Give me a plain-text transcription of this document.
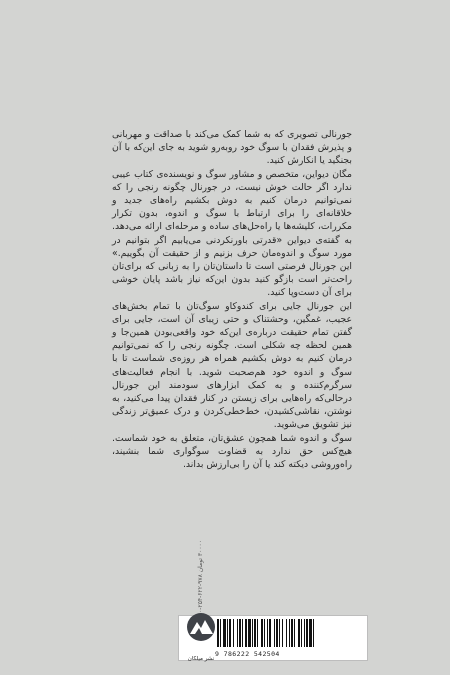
جورنالی تصویری که به شما کمک می‌کند با صداقت و مهربانی و پذیرش فقدان با سوگ خود روبه‌رو شوید به جای این‌که با آن بجنگید یا انکارش کنید.

مگان دیواین، متخصص و مشاور سوگ و نویسنده‌ی کتاب عیبی ندارد اگر حالت خوش نیست، در جورنال چگونه رنجی را که نمی‌توانیم درمان کنیم به دوش بکشیم راه‌های جدید و خلاقانه‌ای را برای ارتباط با سوگ و اندوه، بدون تکرار مکررات، کلیشه‌ها یا راه‌حل‌های ساده و مرحله‌ای ارائه می‌دهد. به گفته‌ی دیواین «قدرتی باورنکردنی می‌یابیم اگر بتوانیم در مورد سوگ و اندوه‌مان حرف بزنیم و از حقیقت آن بگوییم.» این جورنال فرصتی است تا داستان‌تان را به زبانی که برای‌تان راحت‌تر است بازگو کنید بدون این‌که نیاز باشد پایان خوشی برای آن دست‌وپا کنید.

این جورنال جایی برای کندوکاو سوگ‌تان با تمام بخش‌های عجیب، غمگین، وحشتناک و حتی زیبای آن است، جایی برای گفتن تمام حقیقت درباره‌ی این‌که خود واقعی‌بودن همین‌جا و همین لحظه چه شکلی است. چگونه رنجی را که نمی‌توانیم درمان کنیم به دوش بکشیم همراه هر روزه‌ی شماست تا با سوگ و اندوه خود هم‌صحبت شوید. با انجام فعالیت‌های سرگرم‌کننده و به کمک ابزارهای سودمند این جورنال درحالی‌که راه‌هایی برای زیستن در کنار فقدان پیدا می‌کنید، به نوشتن، نقاشی‌کشیدن، خط‌خطی‌کردن و درک عمیق‌تر زندگی نیز تشویق می‌شوید.

سوگ و اندوه شما همچون عشق‌تان، متعلق به خود شماست. هیچ‌کس حق ندارد به قضاوت سوگواری شما بنشیند، راه‌وروشی دیکته کند یا آن را بی‌ارزش بداند.

9 786222 542504
۳۰۰۰۰ تومان ۹۷۸-۶۲۲-۲۵۴- ۰
نشر میلکان
